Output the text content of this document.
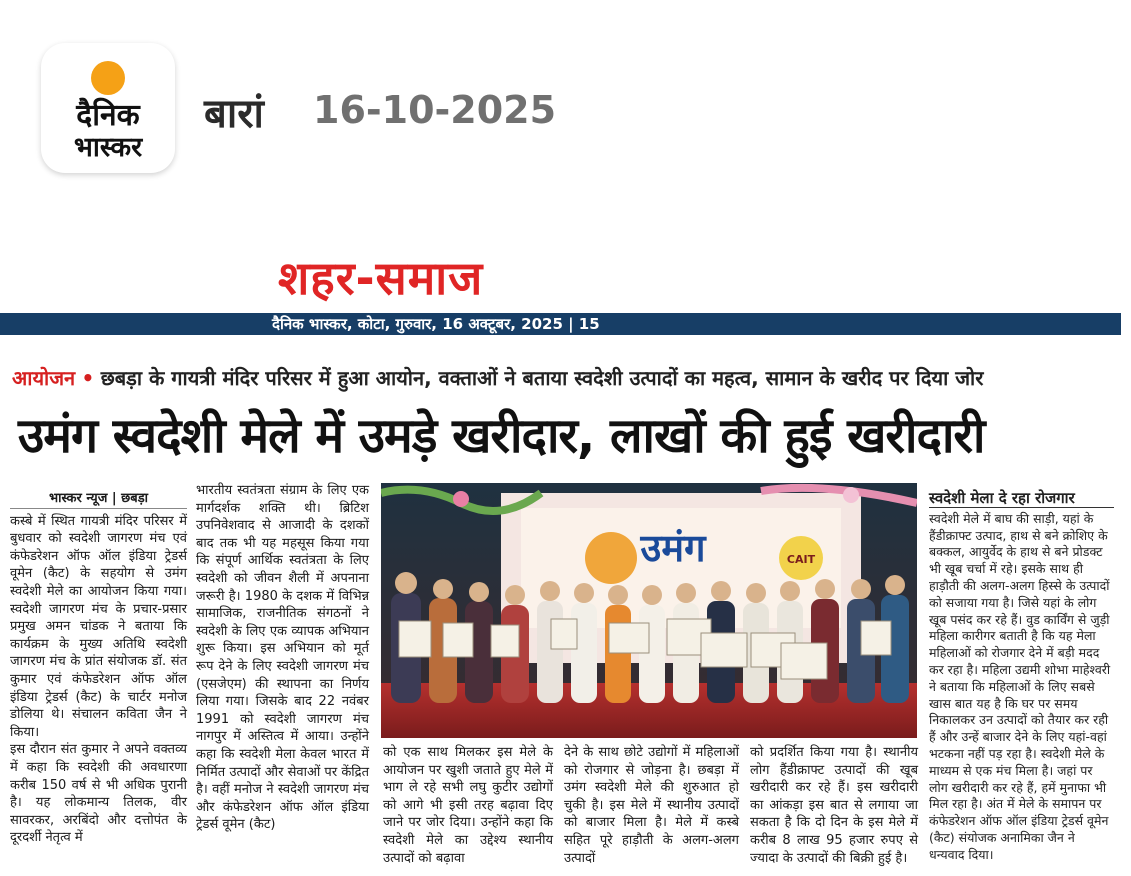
दैनिक
भास्कर
बारां 16-10-2025
शहर-समाज
दैनिक भास्कर, कोटा, गुरुवार, 16 अक्टूबर, 2025 | 15
आयोजन • छबड़ा के गायत्री मंदिर परिसर में हुआ आयोन, वक्ताओं ने बताया स्वदेशी उत्पादों का महत्व, सामान के खरीद पर दिया जोर
उमंग स्वदेशी मेले में उमड़े खरीदार, लाखों की हुई खरीदारी
भास्कर न्यूज | छबड़ा
कस्बे में स्थित गायत्री मंदिर परिसर में बुधवार को स्वदेशी जागरण मंच एवं कंफेडरेशन ऑफ ऑल इंडिया ट्रेडर्स वूमेन (कैट) के सहयोग से उमंग स्वदेशी मेले का आयोजन किया गया। स्वदेशी जागरण मंच के प्रचार-प्रसार प्रमुख अमन चांडक ने बताया कि कार्यक्रम के मुख्य अतिथि स्वदेशी जागरण मंच के प्रांत संयोजक डॉ. संत कुमार एवं कंफेडरेशन ऑफ ऑल इंडिया ट्रेडर्स (कैट) के चार्टर मनोज डोलिया थे। संचालन कविता जैन ने किया।
इस दौरान संत कुमार ने अपने वक्तव्य में कहा कि स्वदेशी की अवधारणा करीब 150 वर्ष से भी अधिक पुरानी है। यह लोकमान्य तिलक, वीर सावरकर, अरबिंदो और दत्तोपंत के दूरदर्शी नेतृत्व में
भारतीय स्वतंत्रता संग्राम के लिए एक मार्गदर्शक शक्ति थी। ब्रिटिश उपनिवेशवाद से आजादी के दशकों बाद तक भी यह महसूस किया गया कि संपूर्ण आर्थिक स्वतंत्रता के लिए स्वदेशी को जीवन शैली में अपनाना जरूरी है। 1980 के दशक में विभिन्न सामाजिक, राजनीतिक संगठनों ने स्वदेशी के लिए एक व्यापक अभियान शुरू किया। इस अभियान को मूर्त रूप देने के लिए स्वदेशी जागरण मंच (एसजेएम) की स्थापना का निर्णय लिया गया। जिसके बाद 22 नवंबर 1991 को स्वदेशी जागरण मंच नागपुर में अस्तित्व में आया। उन्होंने कहा कि स्वदेशी मेला केवल भारत में निर्मित उत्पादों और सेवाओं पर केंद्रित है। वहीं मनोज ने स्वदेशी जागरण मंच और कंफेडरेशन ऑफ ऑल इंडिया ट्रेडर्स वूमेन (कैट)
उमंग	CAIT
को एक साथ मिलकर इस मेले के आयोजन पर खुशी जताते हुए मेले में भाग ले रहे सभी लघु कुटीर उद्योगों को आगे भी इसी तरह बढ़ावा दिए जाने पर जोर दिया। उन्होंने कहा कि स्वदेशी मेले का उद्देश्य स्थानीय उत्पादों को बढ़ावा
देने के साथ छोटे उद्योगों में महिलाओं को रोजगार से जोड़ना है। छबड़ा में उमंग स्वदेशी मेले की शुरुआत हो चुकी है। इस मेले में स्थानीय उत्पादों को बाजार मिला है। मेले में कस्बे सहित पूरे हाड़ौती के अलग-अलग उत्पादों
को प्रदर्शित किया गया है। स्थानीय लोग हैंडीक्राफ्ट उत्पादों की खूब खरीदारी कर रहे हैं। इस खरीदारी का आंकड़ा इस बात से लगाया जा सकता है कि दो दिन के इस मेले में करीब 8 लाख 95 हजार रुपए से ज्यादा के उत्पादों की बिक्री हुई है।
स्वदेशी मेला दे रहा रोजगार
स्वदेशी मेले में बाघ की साड़ी, यहां के हैंडीक्राफ्ट उत्पाद, हाथ से बने क्रोशिए के बक्कल, आयुर्वेद के हाथ से बने प्रोडक्ट भी खूब चर्चा में रहे। इसके साथ ही हाड़ौती की अलग-अलग हिस्से के उत्पादों को सजाया गया है। जिसे यहां के लोग खूब पसंद कर रहे हैं। वुड कार्विंग से जुड़ी महिला कारीगर बताती है कि यह मेला महिलाओं को रोजगार देने में बड़ी मदद कर रहा है। महिला उद्यमी शोभा माहेश्वरी ने बताया कि महिलाओं के लिए सबसे खास बात यह है कि घर पर समय निकालकर उन उत्पादों को तैयार कर रही हैं और उन्हें बाजार देने के लिए यहां-वहां भटकना नहीं पड़ रहा है। स्वदेशी मेले के माध्यम से एक मंच मिला है। जहां पर लोग खरीदारी कर रहे हैं, हमें मुनाफा भी मिल रहा है। अंत में मेले के समापन पर कंफेडरेशन ऑफ ऑल इंडिया ट्रेडर्स वूमेन (कैट) संयोजक अनामिका जैन ने धन्यवाद दिया।
